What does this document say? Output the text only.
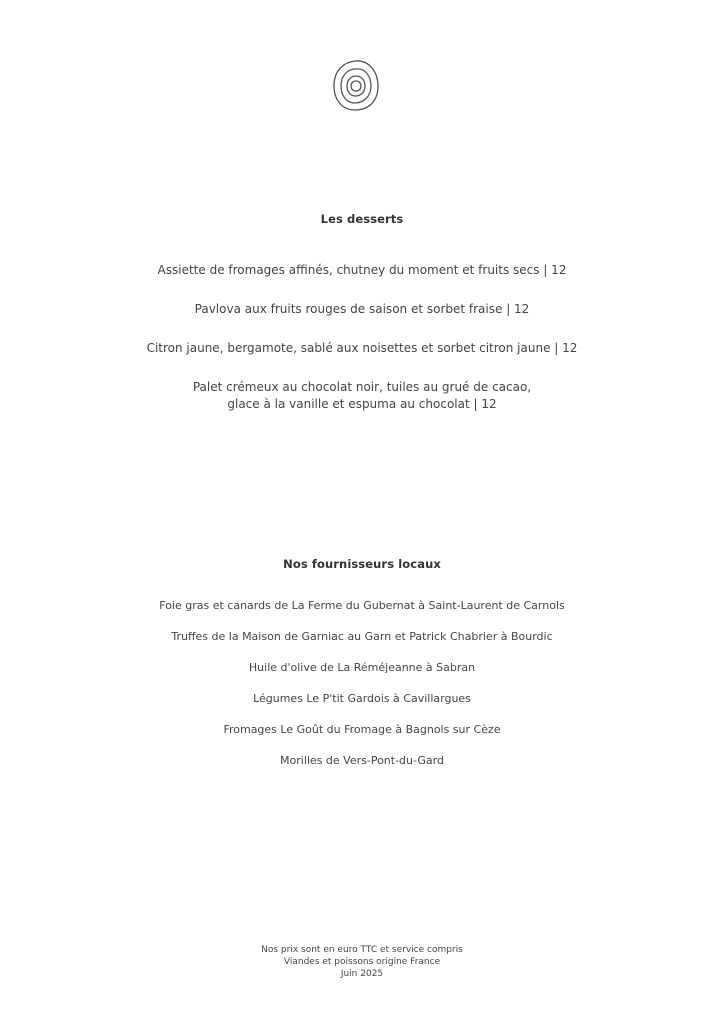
Les desserts
Assiette de fromages affinés, chutney du moment et fruits secs | 12
Pavlova aux fruits rouges de saison et sorbet fraise | 12
Citron jaune, bergamote, sablé aux noisettes et sorbet citron jaune | 12
Palet crémeux au chocolat noir, tuiles au grué de cacao,
glace à la vanille et espuma au chocolat | 12
Nos fournisseurs locaux
Foie gras et canards de La Ferme du Gubernat à Saint-Laurent de Carnols
Truffes de la Maison de Garniac au Garn et Patrick Chabrier à Bourdic
Huile d'olive de La Réméjeanne à Sabran
Légumes Le P'tit Gardois à Cavillargues
Fromages Le Goût du Fromage à Bagnols sur Cèze
Morilles de Vers-Pont-du-Gard
Nos prix sont en euro TTC et service compris
Viandes et poissons origine France
Juin 2025
